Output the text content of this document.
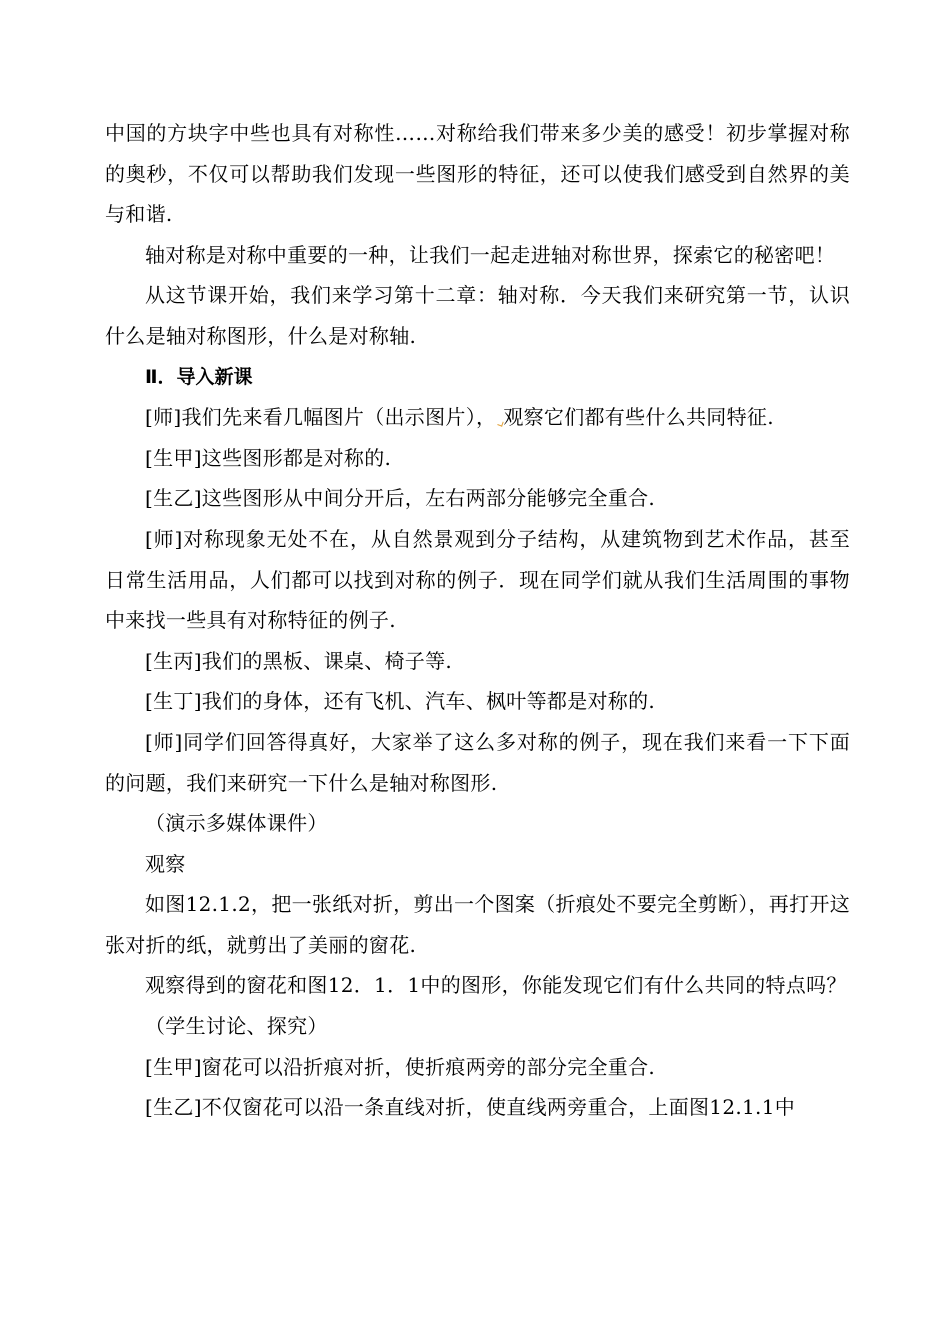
中国的方块字中些也具有对称性……对称给我们带来多少美的感受！初步掌握对称的奥秒，不仅可以帮助我们发现一些图形的特征，还可以使我们感受到自然界的美与和谐.

轴对称是对称中重要的一种，让我们一起走进轴对称世界，探索它的秘密吧！

从这节课开始，我们来学习第十二章：轴对称．今天我们来研究第一节，认识什么是轴对称图形，什么是对称轴.

Ⅱ．导入新课

[师]我们先来看几幅图片（出示图片）， 观察它们都有些什么共同特征.

[生甲]这些图形都是对称的.

[生乙]这些图形从中间分开后，左右两部分能够完全重合.

[师]对称现象无处不在，从自然景观到分子结构，从建筑物到艺术作品，甚至日常生活用品，人们都可以找到对称的例子．现在同学们就从我们生活周围的事物中来找一些具有对称特征的例子.

[生丙]我们的黑板、课桌、椅子等.

[生丁]我们的身体，还有飞机、汽车、枫叶等都是对称的.

[师]同学们回答得真好，大家举了这么多对称的例子，现在我们来看一下下面的问题，我们来研究一下什么是轴对称图形.

（演示多媒体课件）

观察

如图12.1.2，把一张纸对折，剪出一个图案（折痕处不要完全剪断），再打开这张对折的纸，就剪出了美丽的窗花.

观察得到的窗花和图12．1．1中的图形，你能发现它们有什么共同的特点吗？

（学生讨论、探究）

[生甲]窗花可以沿折痕对折，使折痕两旁的部分完全重合.

[生乙]不仅窗花可以沿一条直线对折，使直线两旁重合，上面图12.1.1中
